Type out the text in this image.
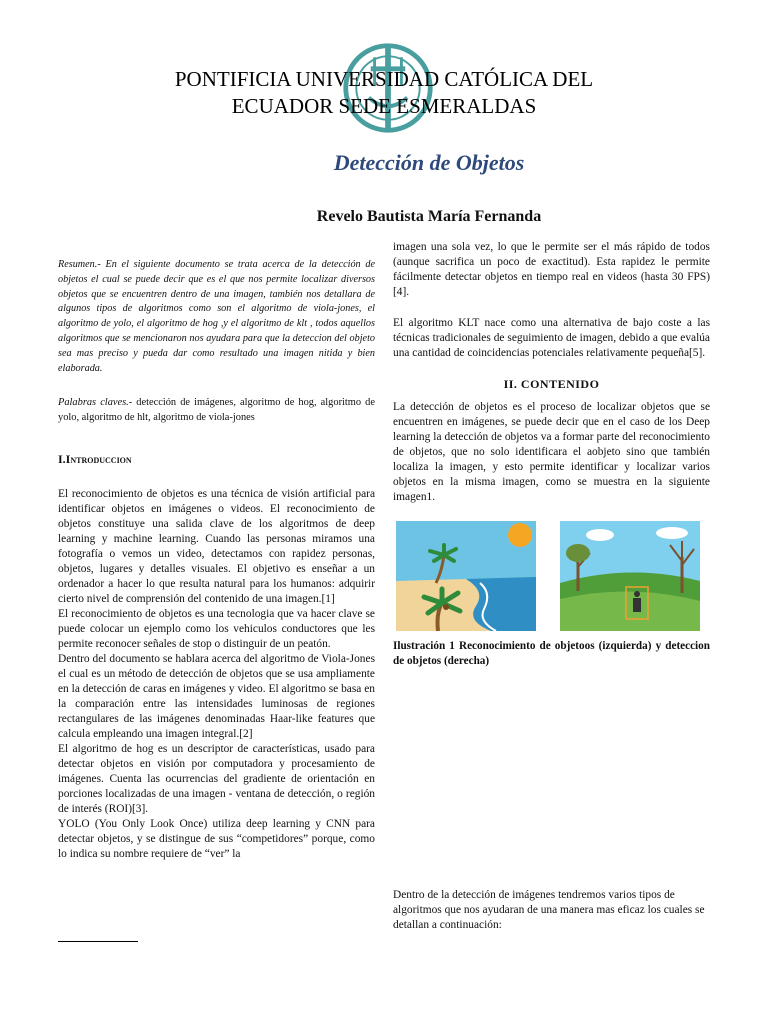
PONTIFICIA UNIVERSIDAD CATÓLICA DEL
ECUADOR SEDE ESMERALDAS
Detección de Objetos
Revelo Bautista María Fernanda

Resumen.- En el siguiente documento se trata acerca de la detección de objetos el cual se puede decir que es el que nos permite localizar diversos objetos que se encuentren dentro de una imagen, también nos detallara de algunos tipos de algoritmos como son el algoritmo de viola-jones, el algoritmo de yolo, el algoritmo de hog ,y el algoritmo de klt , todos aquellos algoritmos que se mencionaron nos ayudara para que la deteccion del objeto sea mas preciso y pueda dar como resultado una imagen nitida y bien elaborada.

Palabras claves.- detección de imágenes, algoritmo de hog, algoritmo de yolo, algoritmo de hlt, algoritmo de viola-jones

I.Introduccion

El reconocimiento de objetos es una técnica de visión artificial para identificar objetos en imágenes o videos. El reconocimiento de objetos constituye una salida clave de los algoritmos de deep learning y machine learning. Cuando las personas miramos una fotografía o vemos un video, detectamos con rapidez personas, objetos, lugares y detalles visuales. El objetivo es enseñar a un ordenador a hacer lo que resulta natural para los humanos: adquirir cierto nivel de comprensión del contenido de una imagen.[1]

El reconocimiento de objetos es una tecnologia que va hacer clave se puede colocar un ejemplo como los vehiculos conductores que les permite reconocer señales de stop o distinguir de un peatón.

Dentro del documento se hablara acerca del algoritmo de Viola-Jones el cual es un método de detección de objetos que se usa ampliamente en la detección de caras en imágenes y video. El algoritmo se basa en la comparación entre las intensidades luminosas de regiones rectangulares de las imágenes denominadas Haar-like features que calcula empleando una imagen integral.[2]

El algoritmo de hog es un descriptor de características, usado para detectar objetos en visión por computadora y procesamiento de imágenes. Cuenta las ocurrencias del gradiente de orientación en porciones localizadas de una imagen - ventana de detección, o región de interés (ROI)[3].

YOLO (You Only Look Once) utiliza deep learning y CNN para detectar objetos, y se distingue de sus “competidores” porque, como lo indica su nombre requiere de “ver” la

imagen una sola vez, lo que le permite ser el más rápido de todos (aunque sacrifica un poco de exactitud). Esta rapidez le permite fácilmente detectar objetos en tiempo real en videos (hasta 30 FPS)[4].

El algoritmo KLT nace como una alternativa de bajo coste a las técnicas tradicionales de seguimiento de imagen, debido a que evalúa una cantidad de coincidencias potenciales relativamente pequeña[5].

II. CONTENIDO

La detección de objetos es el proceso de localizar objetos que se encuentren en imágenes, se puede decir que en el caso de los Deep learning la detección de objetos va a formar parte del reconocimiento de objetos, que no solo identificara el aobjeto sino que también localiza la imagen, y esto permite identificar y localizar varios objetos en la misma imagen, como se muestra en la siguiente imagen1.

Ilustración 1 Reconocimiento de objetoos (izquierda) y deteccion de objetos (derecha)

Dentro de la detección de imágenes tendremos varios tipos de algoritmos que nos ayudaran de una manera mas eficaz los cuales se detallan a continuación:
